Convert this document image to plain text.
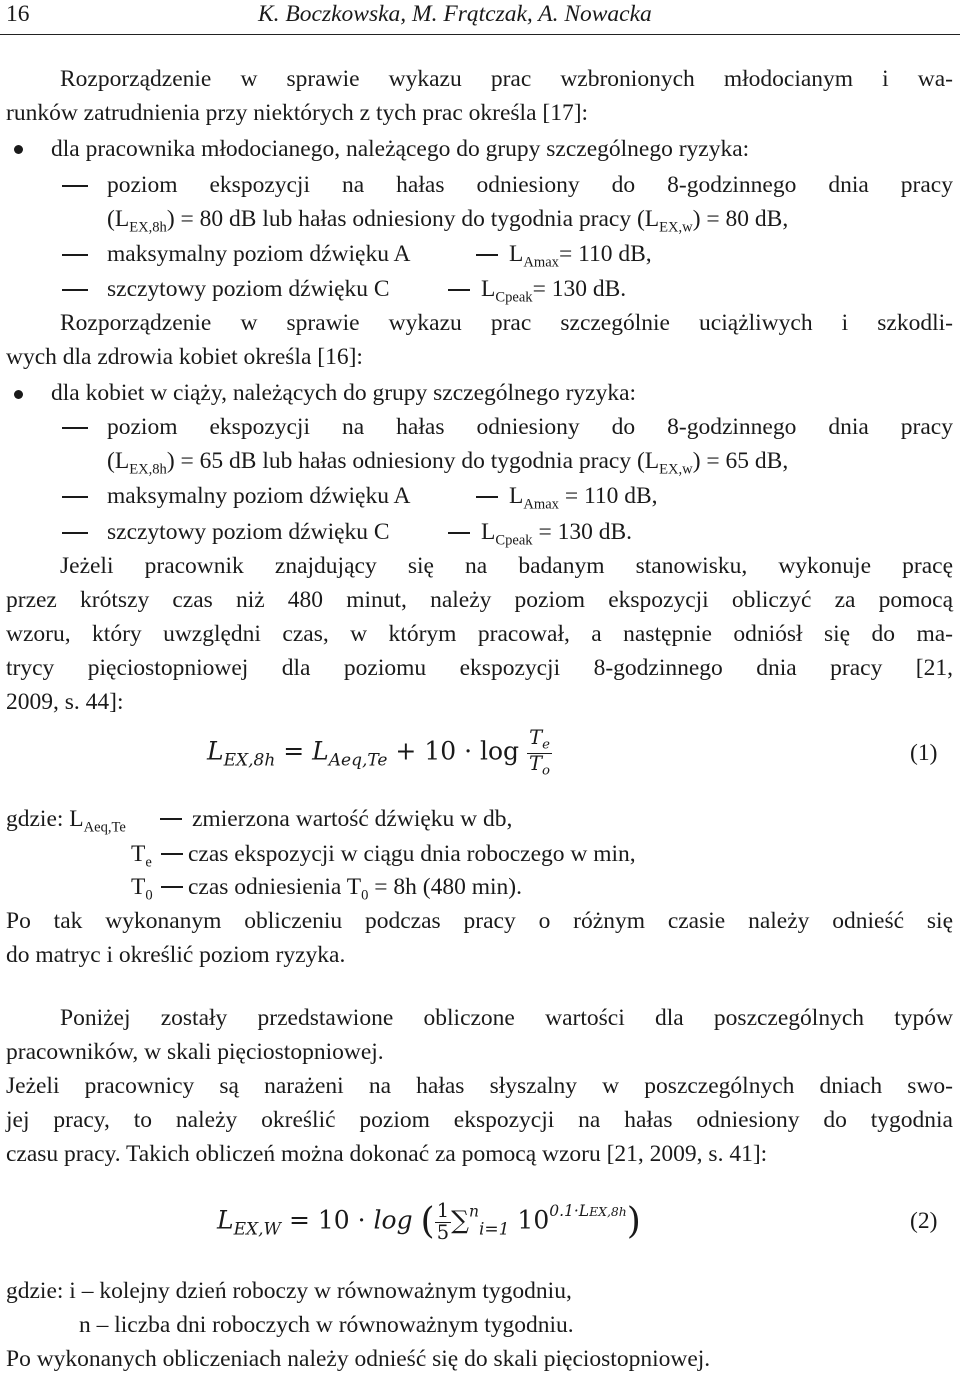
16	K. Boczkowska, M. Frątczak, A. Nowacka
Rozporządzenie w sprawie wykazu prac wzbronionych młodocianym i wa-
runków zatrudnienia przy niektórych z tych prac określa [17]:
dla pracownika młodocianego, należącego do grupy szczególnego ryzyka:
poziom ekspozycji na hałas odniesiony do 8-godzinnego dnia pracy
$(L_{EX,8h}) = 80$ dB lub hałas odniesiony do tygodnia pracy $(L_{EX,w}) = 80$ dB,
maksymalny poziom dźwięku A	$L_{Amax}= 110$ dB,
szczytowy poziom dźwięku C	$L_{Cpeak}= 130$ dB.
Rozporządzenie w sprawie wykazu prac szczególnie uciążliwych i szkodli-
wych dla zdrowia kobiet określa [16]:
dla kobiet w ciąży, należących do grupy szczególnego ryzyka:
poziom ekspozycji na hałas odniesiony do 8-godzinnego dnia pracy
$(L_{EX,8h}) = 65$ dB lub hałas odniesiony do tygodnia pracy $(L_{EX,w}) = 65$ dB,
maksymalny poziom dźwięku A	$L_{Amax} = 110$ dB,
szczytowy poziom dźwięku C	$L_{Cpeak} = 130$ dB.
Jeżeli pracownik znajdujący się na badanym stanowisku, wykonuje pracę
przez krótszy czas niż 480 minut, należy poziom ekspozycji obliczyć za pomocą
wzoru, który uwzględni czas, w którym pracował, a następnie odniósł się do ma-
trycy pięciostopniowej dla poziomu ekspozycji 8-godzinnego dnia pracy [21,
2009, s. 44]:
$L_{EX,8h} = L_{Aeq,Te} + 10 \cdot \log \frac{T_e}{T_o}$	(1)
gdzie: $L_{Aeq,Te}$	zmierzona wartość dźwięku w db,
$T_e$ czas ekspozycji w ciągu dnia roboczego w min,
$T_0$ czas odniesienia $T_0 = 8h$ (480 min).
Po tak wykonanym obliczeniu podczas pracy o różnym czasie należy odnieść się
do matryc i określić poziom ryzyka.
Poniżej zostały przedstawione obliczone wartości dla poszczególnych typów
pracowników, w skali pięciostopniowej.
Jeżeli pracownicy są narażeni na hałas słyszalny w poszczególnych dniach swo-
jej pracy, to należy określić poziom ekspozycji na hałas odniesiony do tygodnia
czasu pracy. Takich obliczeń można dokonać za pomocą wzoru [21, 2009, s. 41]:
$L_{EX,W} = 10 \cdot \log$ ( $\frac{1}{5} \sum^n_{i=1}$ $10^{0.1\cdot LEX,8h}$)	(2)
gdzie: i – kolejny dzień roboczy w równoważnym tygodniu,
n – liczba dni roboczych w równoważnym tygodniu.
Po wykonanych obliczeniach należy odnieść się do skali pięciostopniowej.
